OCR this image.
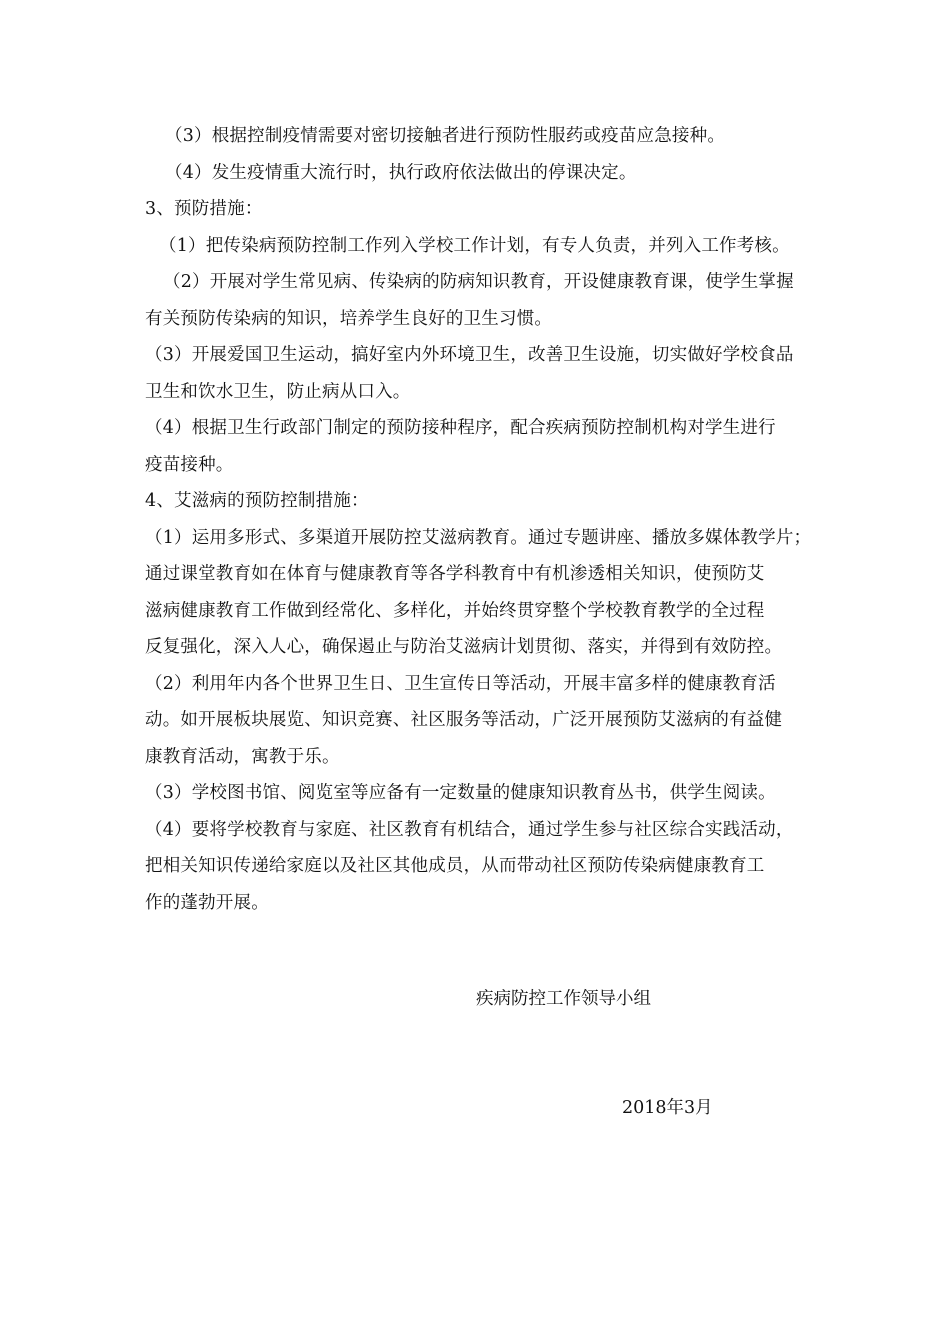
（3）根据控制疫情需要对密切接触者进行预防性服药或疫苗应急接种。
（4）发生疫情重大流行时，执行政府依法做出的停课决定。
3、预防措施：
（1）把传染病预防控制工作列入学校工作计划，有专人负责，并列入工作考核。
（2）开展对学生常见病、传染病的防病知识教育，开设健康教育课，使学生掌握
有关预防传染病的知识，培养学生良好的卫生习惯。
（3）开展爱国卫生运动，搞好室内外环境卫生，改善卫生设施，切实做好学校食品
卫生和饮水卫生，防止病从口入。
（4）根据卫生行政部门制定的预防接种程序，配合疾病预防控制机构对学生进行
疫苗接种。
4、艾滋病的预防控制措施：
（1）运用多形式、多渠道开展防控艾滋病教育。通过专题讲座、播放多媒体教学片；
通过课堂教育如在体育与健康教育等各学科教育中有机渗透相关知识，使预防艾
滋病健康教育工作做到经常化、多样化，并始终贯穿整个学校教育教学的全过程
反复强化，深入人心，确保遏止与防治艾滋病计划贯彻、落实，并得到有效防控。
（2）利用年内各个世界卫生日、卫生宣传日等活动，开展丰富多样的健康教育活
动。如开展板块展览、知识竞赛、社区服务等活动，广泛开展预防艾滋病的有益健
康教育活动，寓教于乐。
（3）学校图书馆、阅览室等应备有一定数量的健康知识教育丛书，供学生阅读。
（4）要将学校教育与家庭、社区教育有机结合，通过学生参与社区综合实践活动，
把相关知识传递给家庭以及社区其他成员，从而带动社区预防传染病健康教育工
作的蓬勃开展。
疾病防控工作领导小组
2018年3月
